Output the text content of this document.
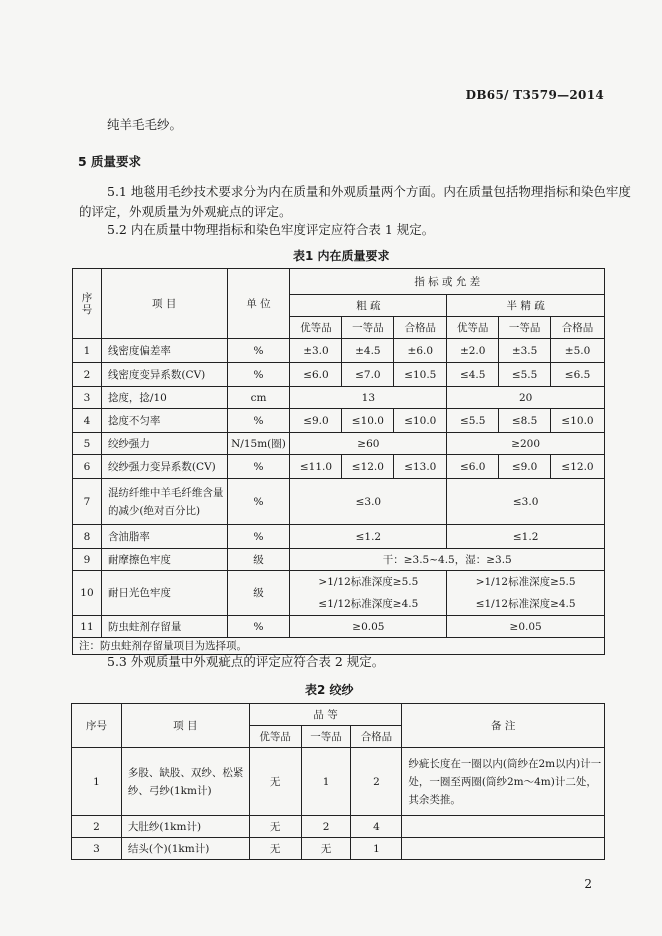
DB65/ T3579—2014
纯羊毛毛纱。
5 质量要求
5.1 地毯用毛纱技术要求分为内在质量和外观质量两个方面。内在质量包括物理指标和染色牢度
的评定，外观质量为外观疵点的评定。
5.2 内在质量中物理指标和染色牢度评定应符合表 1 规定。
表1 内在质量要求
序
号	项 目	单 位	指 标 或 允 差					
			粗 疏			半 精 疏		
			优等品	一等品	合格品	优等品	一等品	合格品
1	线密度偏差率	%	±3.0	±4.5	±6.0	±2.0	±3.5	±5.0
2	线密度变异系数(CV)	%	≤6.0	≤7.0	≤10.5	≤4.5	≤5.5	≤6.5
3	捻度，捻/10	cm	13			20		
4	捻度不匀率	%	≤9.0	≤10.0	≤10.0	≤5.5	≤8.5	≤10.0
5	绞纱强力	N/15m(圈)	≥60			≥200		
6	绞纱强力变异系数(CV)	%	≤11.0	≤12.0	≤13.0	≤6.0	≤9.0	≤12.0
7	混纺纤维中羊毛纤维含量的减少(绝对百分比)	%	≤3.0			≤3.0		
8	含油脂率	%	≤1.2			≤1.2		
9	耐摩擦色牢度	级	干：≥3.5~4.5，湿：≥3.5					
10	耐日光色牢度	级	>1/12标准深度≥5.5			>1/12标准深度≥5.5		
			≤1/12标准深度≥4.5			≤1/12标准深度≥4.5		
11	防虫蛀剂存留量	%	≥0.05			≥0.05		
注：防虫蛀剂存留量项目为选择项。								
5.3 外观质量中外观疵点的评定应符合表 2 规定。
表2 绞纱
序号	项 目	品 等			备 注
		优等品	一等品	合格品	
1	多股、缺股、双纱、松紧纱、弓纱(1km计)	无	1	2	纱疵长度在一圈以内(筒纱在2m以内)计一处，一圈至两圈(筒纱2m～4m)计二处，其余类推。
2	大肚纱(1km计)	无	2	4	
3	结头(个)(1km计)	无	无	1	
2
